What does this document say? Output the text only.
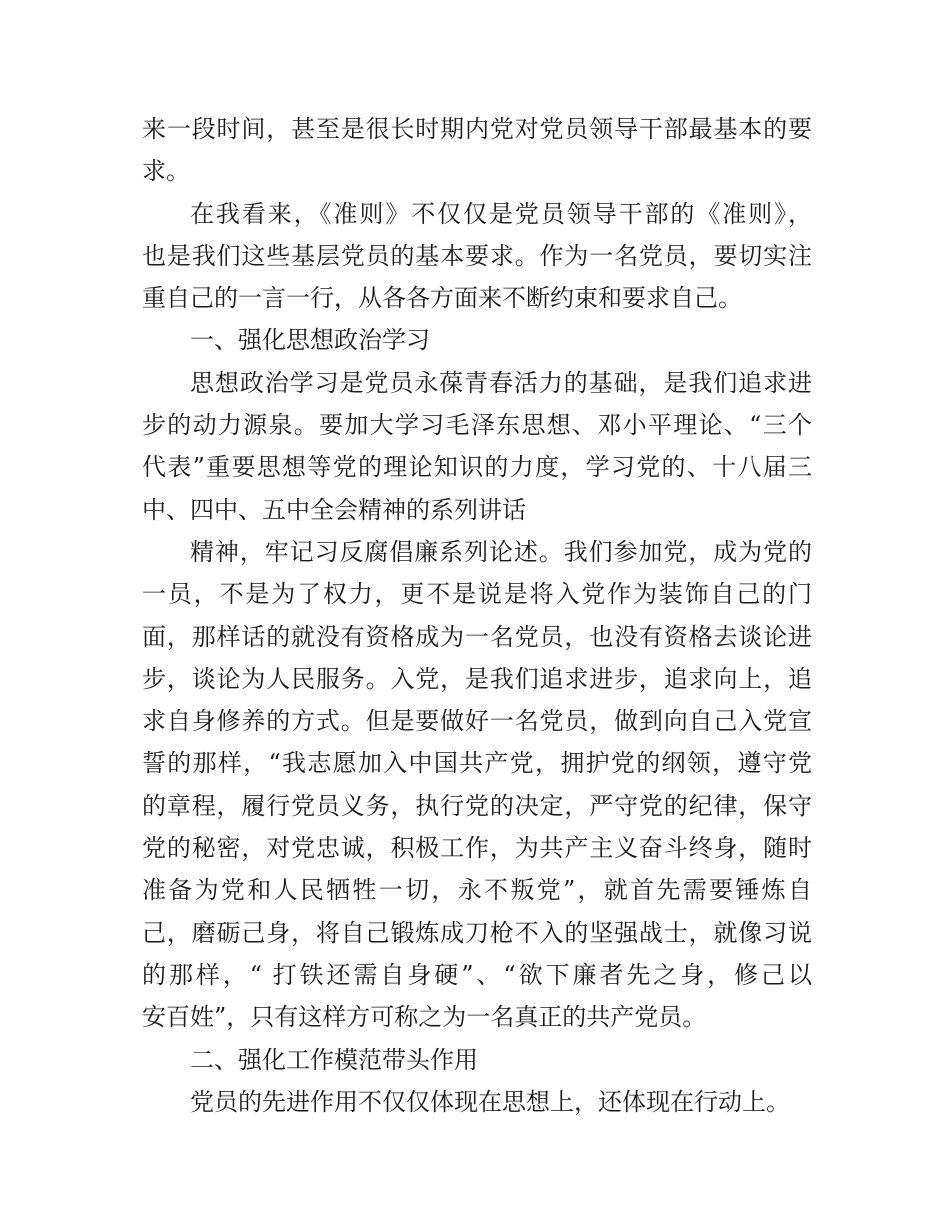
来一段时间，甚至是很长时期内党对党员领导干部最基本的要
求。

在我看来，《准则》不仅仅是党员领导干部的《准则》，
也是我们这些基层党员的基本要求。作为一名党员，要切实注
重自己的一言一行，从各各方面来不断约束和要求自己。

一、强化思想政治学习

思想政治学习是党员永葆青春活力的基础，是我们追求进
步的动力源泉。要加大学习毛泽东思想、邓小平理论、“三个
代表”重要思想等党的理论知识的力度，学习党的、十八届三
中、四中、五中全会精神的系列讲话

精神，牢记习反腐倡廉系列论述。我们参加党，成为党的
一员，不是为了权力，更不是说是将入党作为装饰自己的门
面，那样话的就没有资格成为一名党员，也没有资格去谈论进
步，谈论为人民服务。入党，是我们追求进步，追求向上，追
求自身修养的方式。但是要做好一名党员，做到向自己入党宣
誓的那样，“我志愿加入中国共产党，拥护党的纲领，遵守党
的章程，履行党员义务，执行党的决定，严守党的纪律，保守
党的秘密，对党忠诚，积极工作，为共产主义奋斗终身，随时
准备为党和人民牺牲一切，永不叛党”，就首先需要锤炼自
己，磨砺己身，将自己锻炼成刀枪不入的坚强战士，就像习说
的那样，“ 打铁还需自身硬”、“欲下廉者先之身，修己以
安百姓”，只有这样方可称之为一名真正的共产党员。

二、强化工作模范带头作用

党员的先进作用不仅仅体现在思想上，还体现在行动上。
